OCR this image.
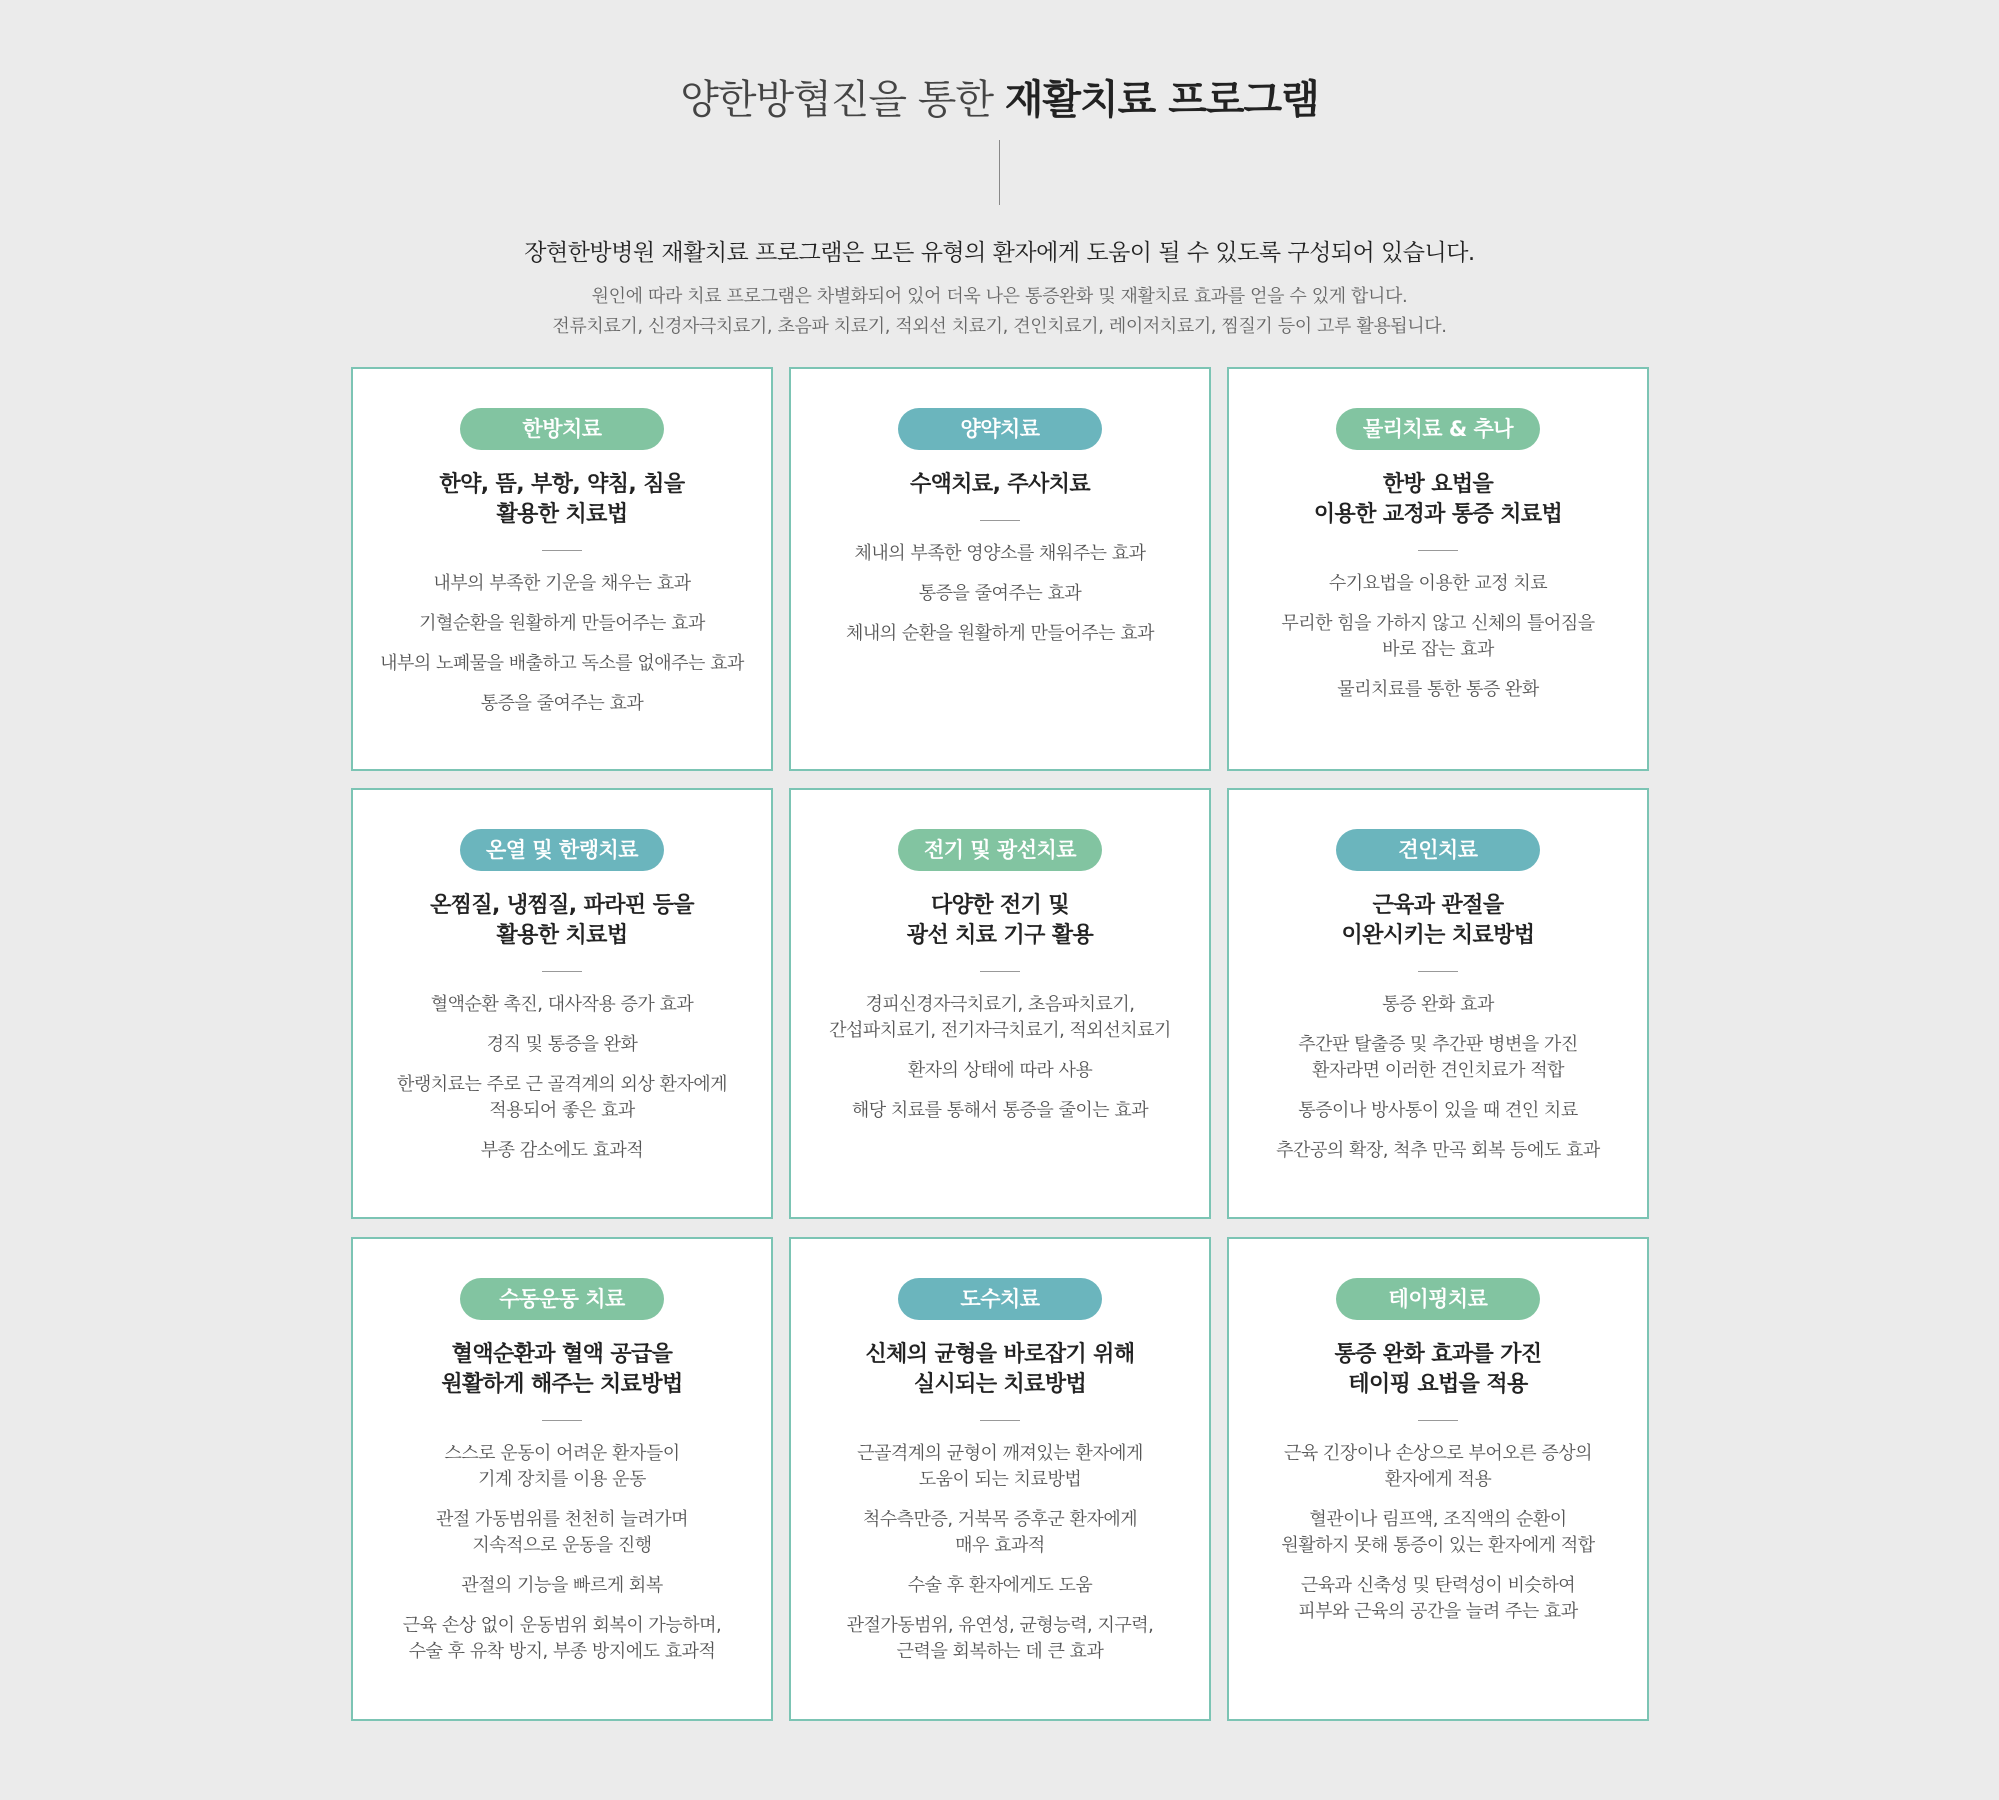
양한방협진을 통한 재활치료 프로그램
장현한방병원 재활치료 프로그램은 모든 유형의 환자에게 도움이 될 수 있도록 구성되어 있습니다.
원인에 따라 치료 프로그램은 차별화되어 있어 더욱 나은 통증완화 및 재활치료 효과를 얻을 수 있게 합니다.
전류치료기, 신경자극치료기, 초음파 치료기, 적외선 치료기, 견인치료기, 레이저치료기, 찜질기 등이 고루 활용됩니다.
한방치료
한약, 뜸, 부항, 약침, 침을
활용한 치료법
내부의 부족한 기운을 채우는 효과
기혈순환을 원활하게 만들어주는 효과
내부의 노폐물을 배출하고 독소를 없애주는 효과
통증을 줄여주는 효과
양약치료
수액치료, 주사치료
체내의 부족한 영양소를 채워주는 효과
통증을 줄여주는 효과
체내의 순환을 원활하게 만들어주는 효과
물리치료 & 추나
한방 요법을
이용한 교정과 통증 치료법
수기요법을 이용한 교정 치료
무리한 힘을 가하지 않고 신체의 틀어짐을
바로 잡는 효과
물리치료를 통한 통증 완화
온열 및 한랭치료
온찜질, 냉찜질, 파라핀 등을
활용한 치료법
혈액순환 촉진, 대사작용 증가 효과
경직 및 통증을 완화
한랭치료는 주로 근 골격계의 외상 환자에게
적용되어 좋은 효과
부종 감소에도 효과적
전기 및 광선치료
다양한 전기 및
광선 치료 기구 활용
경피신경자극치료기, 초음파치료기,
간섭파치료기, 전기자극치료기, 적외선치료기
환자의 상태에 따라 사용
해당 치료를 통해서 통증을 줄이는 효과
견인치료
근육과 관절을
이완시키는 치료방법
통증 완화 효과
추간판 탈출증 및 추간판 병변을 가진
환자라면 이러한 견인치료가 적합
통증이나 방사통이 있을 때 견인 치료
추간공의 확장, 척추 만곡 회복 등에도 효과
수동운동 치료
혈액순환과 혈액 공급을
원활하게 해주는 치료방법
스스로 운동이 어려운 환자들이
기계 장치를 이용 운동
관절 가동범위를 천천히 늘려가며
지속적으로 운동을 진행
관절의 기능을 빠르게 회복
근육 손상 없이 운동범위 회복이 가능하며,
수술 후 유착 방지, 부종 방지에도 효과적
도수치료
신체의 균형을 바로잡기 위해
실시되는 치료방법
근골격계의 균형이 깨져있는 환자에게
도움이 되는 치료방법
척수측만증, 거북목 증후군 환자에게
매우 효과적
수술 후 환자에게도 도움
관절가동범위, 유연성, 균형능력, 지구력,
근력을 회복하는 데 큰 효과
테이핑치료
통증 완화 효과를 가진
테이핑 요법을 적용
근육 긴장이나 손상으로 부어오른 증상의
환자에게 적용
혈관이나 림프액, 조직액의 순환이
원활하지 못해 통증이 있는 환자에게 적합
근육과 신축성 및 탄력성이 비슷하여
피부와 근육의 공간을 늘려 주는 효과
